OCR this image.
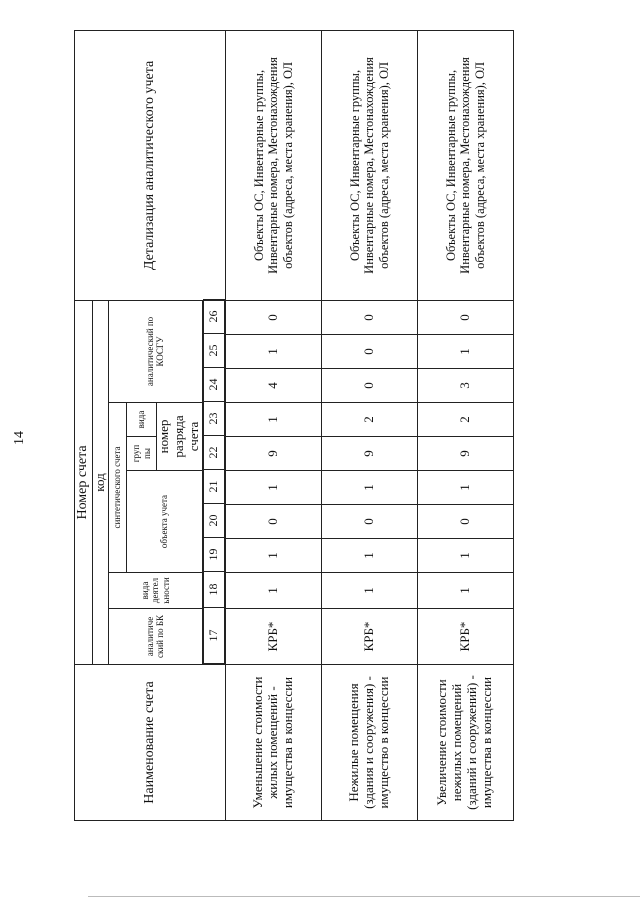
14
Наименование счета	Номер счета	Детализация аналитического учета
код
аналитиче ский по БК	вида деятел ьности	синтетического счета	аналитический по КОСГУ
объекта учета	груп пы	вида
номер разряда счета

17	18	19	20	21	22	23	24	25	26

Уменьшение стоимости жилых помещений - имущества в концессии	КРБ*	1	1	0	1	9	1	4	1	0	Объекты ОС, Инвентарные группы, Инвентарные номера, Местонахождения объектов (адреса, места хранения), ОЛ
Нежилые помещения (здания и сооружения) - имущество в концессии	КРБ*	1	1	0	1	9	2	0	0	0	Объекты ОС, Инвентарные группы, Инвентарные номера, Местонахождения объектов (адреса, места хранения), ОЛ
Увеличение стоимости нежилых помещений (зданий и сооружений) - имущества в концессии	КРБ*	1	1	0	1	9	2	3	1	0	Объекты ОС, Инвентарные группы, Инвентарные номера, Местонахождения объектов (адреса, места хранения), ОЛ
